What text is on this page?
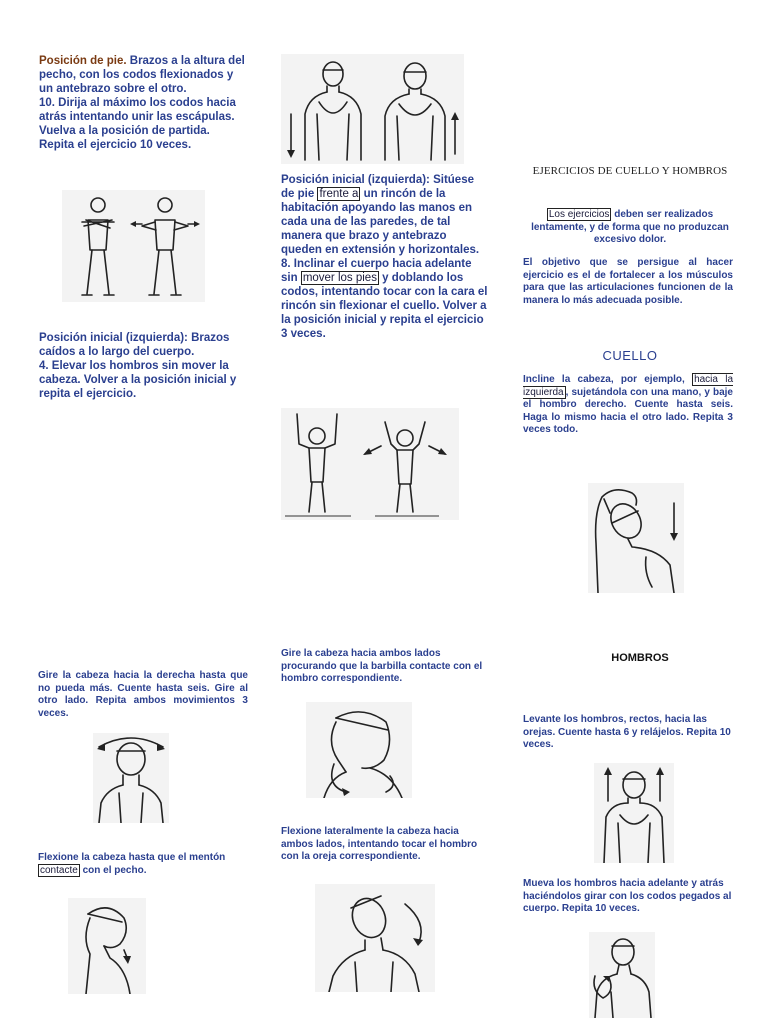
Posición de pie. Brazos a la altura del pecho, con los codos flexionados y un antebrazo sobre el otro.
10. Dirija al máximo los codos hacia atrás intentando unir las escápulas. Vuelva a la posición de partida. Repita el ejercicio 10 veces.
Posición inicial (izquierda): Brazos caídos a lo largo del cuerpo.
4. Elevar los hombros sin mover la cabeza. Volver a la posición inicial y repita el ejercicio.
Gire la cabeza hacia la derecha hasta que no pueda más. Cuente hasta seis. Gire al otro lado. Repita ambos movimientos 3 veces.
Flexione la cabeza hasta que el mentón contacte con el pecho.
Posición inicial (izquierda): Sitúese de pie frente a un rincón de la habitación apoyando las manos en cada una de las paredes, de tal manera que brazo y antebrazo queden en extensión y horizontales.
8. Inclinar el cuerpo hacia adelante sin mover los pies y doblando los codos, intentando tocar con la cara el rincón sin flexionar el cuello. Volver a la posición inicial y repita el ejercicio 3 veces.
Gire la cabeza hacia ambos lados procurando que la barbilla contacte con el hombro correspondiente.
Flexione lateralmente la cabeza hacia ambos lados, intentando tocar el hombro con la oreja correspondiente.
EJERCICIOS DE CUELLO Y HOMBROS
Los ejercicios deben ser realizados lentamente, y de forma que no produzcan excesivo dolor.
El objetivo que se persigue al hacer ejercicio es el de fortalecer a los músculos para que las articulaciones funcionen de la manera lo más adecuada posible.
CUELLO
Incline la cabeza, por ejemplo, hacia la izquierda , sujetándola con una mano, y baje el hombro derecho. Cuente hasta seis. Haga lo mismo hacia el otro lado. Repita 3 veces todo.
HOMBROS
Levante los hombros, rectos, hacia las orejas. Cuente hasta 6 y relájelos. Repita 10 veces.
Mueva los hombros hacia adelante y atrás haciéndolos girar con los codos pegados al cuerpo. Repita 10 veces.
